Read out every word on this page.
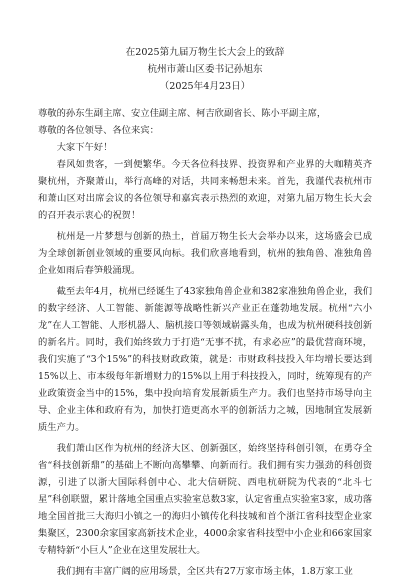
在2025第九届万物生长大会上的致辞
杭州市萧山区委书记孙旭东
（2025年4月23日）
尊敬的孙东生副主席、安立佳副主席、柯吉欣副省长、陈小平副主席，
尊敬的各位领导、各位来宾：

大家下午好！

春风如贵客，一到便繁华。今天各位科技界、投资界和产业界的大咖精英齐聚杭州，齐聚萧山，举行高峰的对话，共同来畅想未来。首先，我谨代表杭州市和萧山区对出席会议的各位领导和嘉宾表示热烈的欢迎，对第九届万物生长大会的召开表示衷心的祝贺！

杭州是一片梦想与创新的热土，首届万物生长大会举办以来，这场盛会已成为全球创新创业领域的重要风向标。我们欣喜地看到，杭州的独角兽、准独角兽企业如雨后春笋般涌现。

截至去年4月，杭州已经诞生了43家独角兽企业和382家准独角兽企业，我们的数字经济、人工智能、新能源等战略性新兴产业正在蓬勃地发展。杭州“六小龙”在人工智能、人形机器人、脑机接口等领域崭露头角，也成为杭州硬科技创新的新名片。同时，我们始终致力于打造“无事不扰，有求必应”的最优营商环境，我们实施了“3个15%”的科技财政政策，就是：市财政科技投入年均增长要达到15%以上、市本级每年新增财力的15%以上用于科技投入，同时，统筹现有的产业政策资金当中的15%，集中投向培育发展新质生产力。我们也坚持市场导向主导、企业主体和政府有为，加快打造更高水平的创新活力之城，因地制宜发展新质生产力。

我们萧山区作为杭州的经济大区、创新强区，始终坚持科创引领，在勇夺全省“科技创新鼎”的基础上不断向高攀攀、向新而行。我们拥有实力强劲的科创资源，引进了以浙大国际科创中心、北大信研院、西电杭研院为代表的“北斗七星”科创联盟，累计落地全国重点实验室总数3家，认定省重点实验室3家，成功落地全国首批三大海归小镇之一的海归小镇传化科技城和首个浙江省科技型企业家集聚区，2300余家国家高新技术企业，4000余家省科技型中小企业和66家国家专精特新“小巨人”企业在这里发展壮大。

我们拥有丰富广阔的应用场景，全区共有27万家市场主体，1.8万家工业
